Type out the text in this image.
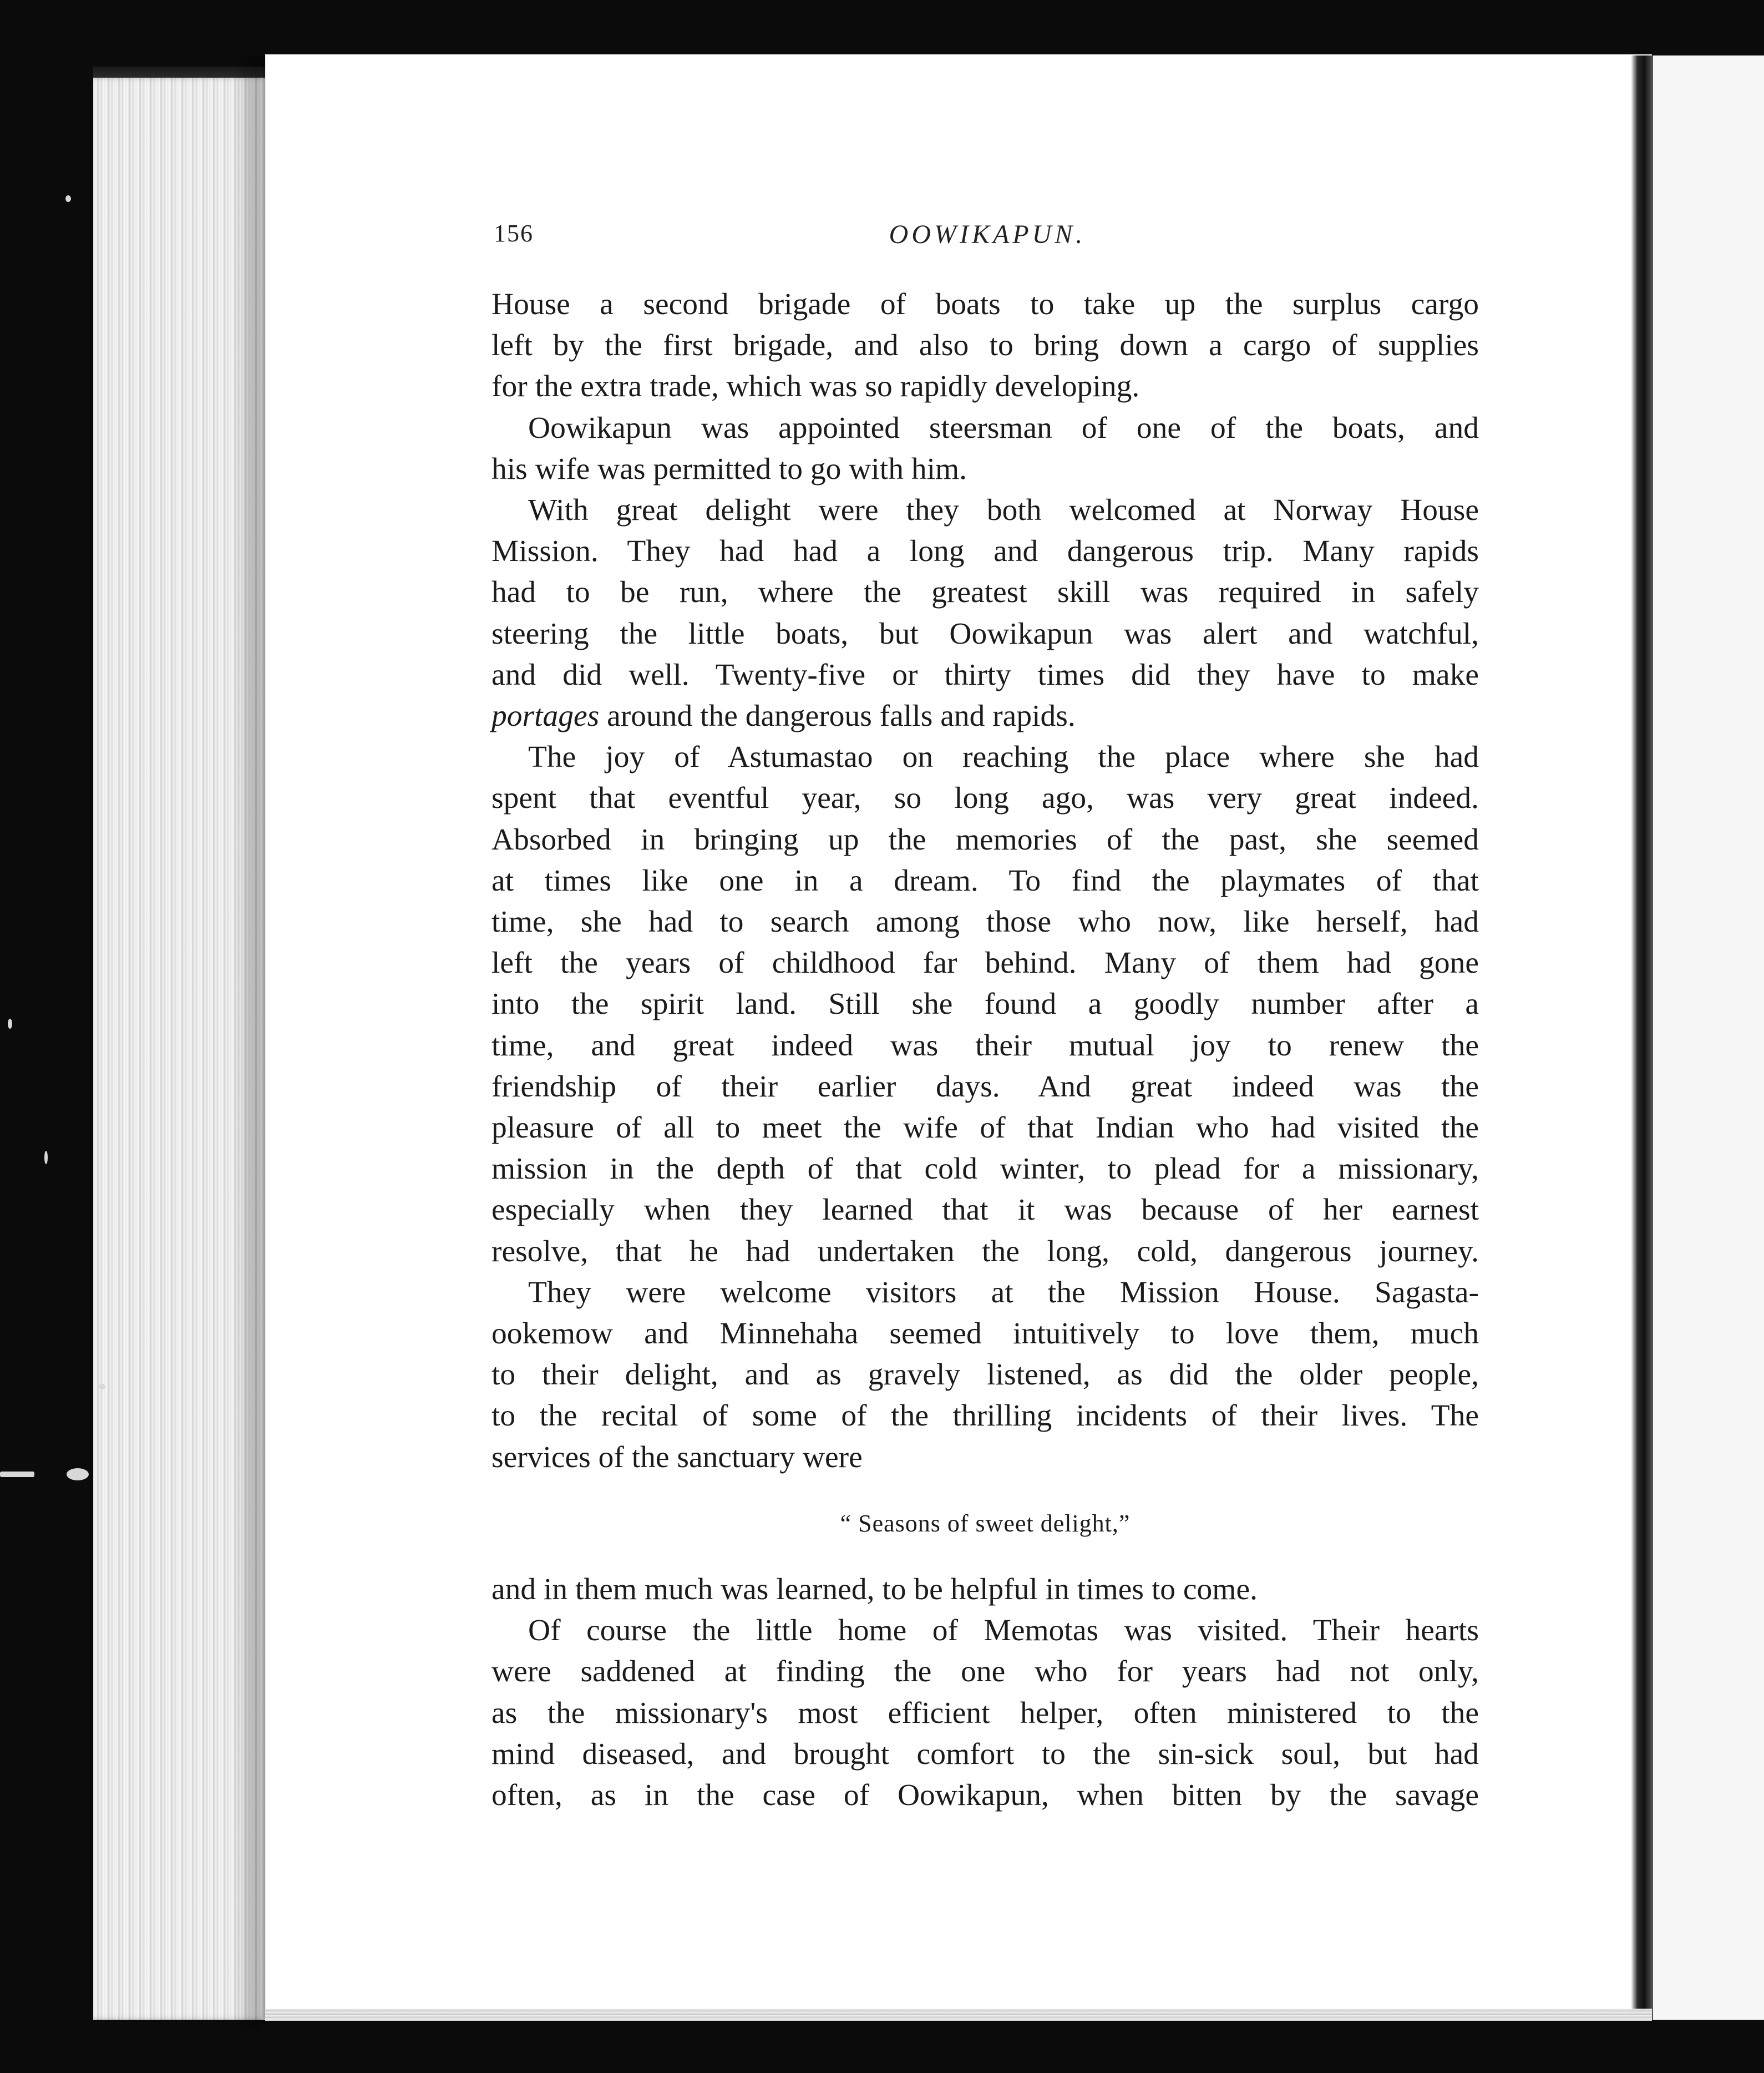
156	OOWIKAPUN.
House a second brigade of boats to take up the surplus cargo
left by the first brigade, and also to bring down a cargo of supplies
for the extra trade, which was so rapidly developing.
Oowikapun was appointed steersman of one of the boats, and
his wife was permitted to go with him.
With great delight were they both welcomed at Norway House
Mission. They had had a long and dangerous trip. Many rapids
had to be run, where the greatest skill was required in safely
steering the little boats, but Oowikapun was alert and watchful,
and did well. Twenty-five or thirty times did they have to make
portages around the dangerous falls and rapids.
The joy of Astumastao on reaching the place where she had
spent that eventful year, so long ago, was very great indeed.
Absorbed in bringing up the memories of the past, she seemed
at times like one in a dream. To find the playmates of that
time, she had to search among those who now, like herself, had
left the years of childhood far behind. Many of them had gone
into the spirit land. Still she found a goodly number after a
time, and great indeed was their mutual joy to renew the
friendship of their earlier days. And great indeed was the
pleasure of all to meet the wife of that Indian who had visited the
mission in the depth of that cold winter, to plead for a missionary,
especially when they learned that it was because of her earnest
resolve, that he had undertaken the long, cold, dangerous journey.
They were welcome visitors at the Mission House. Sagasta-
ookemow and Minnehaha seemed intuitively to love them, much
to their delight, and as gravely listened, as did the older people,
to the recital of some of the thrilling incidents of their lives. The
services of the sanctuary were
“ Seasons of sweet delight,”
and in them much was learned, to be helpful in times to come.
Of course the little home of Memotas was visited. Their hearts
were saddened at finding the one who for years had not only,
as the missionary's most efficient helper, often ministered to the
mind diseased, and brought comfort to the sin-sick soul, but had
often, as in the case of Oowikapun, when bitten by the savage
